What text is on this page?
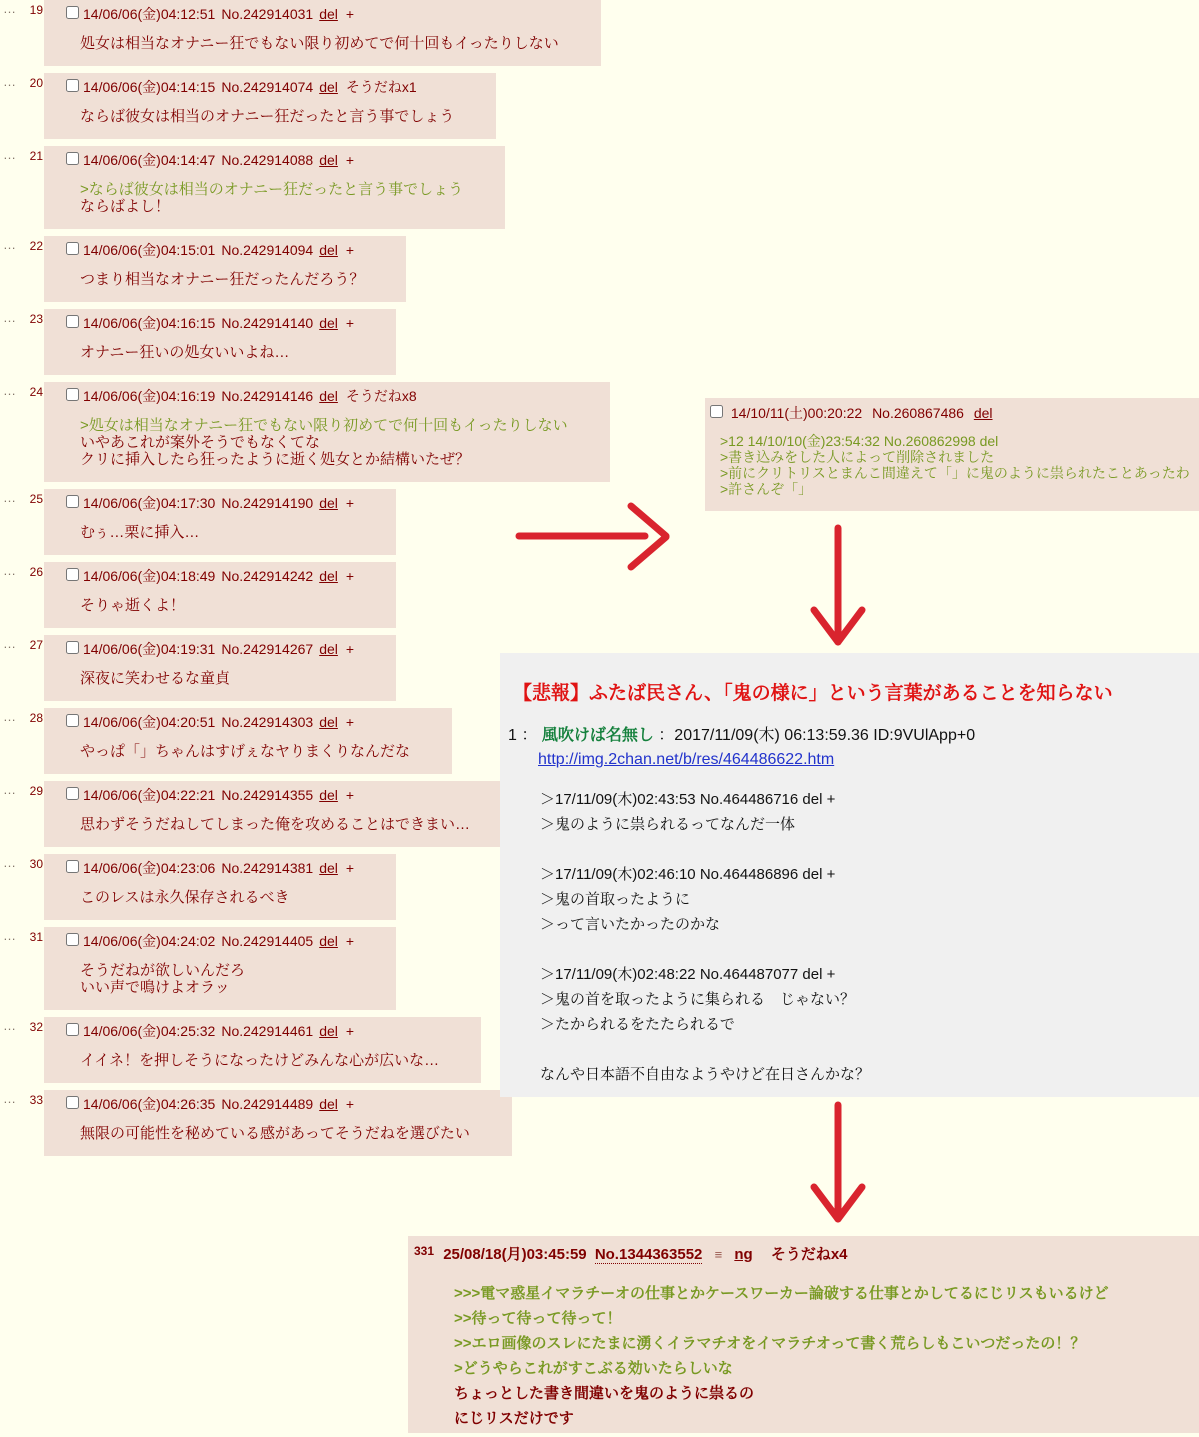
…	19	14/06/06(金)04:12:51 No.242914031 del +
処女は相当なオナニー狂でもない限り初めてで何十回もイったりしない
…	20	14/06/06(金)04:14:15 No.242914074 del そうだねx1
ならば彼女は相当のオナニー狂だったと言う事でしょう
…	21	14/06/06(金)04:14:47 No.242914088 del +
>ならば彼女は相当のオナニー狂だったと言う事でしょう
ならばよし！
…	22	14/06/06(金)04:15:01 No.242914094 del +
つまり相当なオナニー狂だったんだろう？
…	23	14/06/06(金)04:16:15 No.242914140 del +
オナニー狂いの処女いいよね…
…	24	14/06/06(金)04:16:19 No.242914146 del そうだねx8
>処女は相当なオナニー狂でもない限り初めてで何十回もイったりしない
いやあこれが案外そうでもなくてな
クリに挿入したら狂ったように逝く処女とか結構いたぜ？
…	25	14/06/06(金)04:17:30 No.242914190 del +
むぅ…栗に挿入…
…	26	14/06/06(金)04:18:49 No.242914242 del +
そりゃ逝くよ！
…	27	14/06/06(金)04:19:31 No.242914267 del +
深夜に笑わせるな童貞
…	28	14/06/06(金)04:20:51 No.242914303 del +
やっぱ「」ちゃんはすげぇなヤりまくりなんだな
…	29	14/06/06(金)04:22:21 No.242914355 del +
思わずそうだねしてしまった俺を攻めることはできまい…
…	30	14/06/06(金)04:23:06 No.242914381 del +
このレスは永久保存されるべき
…	31	14/06/06(金)04:24:02 No.242914405 del +
そうだねが欲しいんだろ
いい声で鳴けよオラッ
…	32	14/06/06(金)04:25:32 No.242914461 del +
イイネ！を押しそうになったけどみんな心が広いな…
…	33	14/06/06(金)04:26:35 No.242914489 del +
無限の可能性を秘めている感があってそうだねを選びたい
14/10/11(土)00:20:22 No.260867486 del
>12 14/10/10(金)23:54:32 No.260862998 del
>書き込みをした人によって削除されました
>前にクリトリスとまんこ間違えて「」に鬼のように祟られたことあったわ
>許さんぞ「」
【悲報】ふたば民さん、「鬼の様に」という言葉があることを知らない
1 ： 風吹けば名無し ：2017/11/09(木) 06:13:59.36 ID:9VUlApp+0
http://img.2chan.net/b/res/464486622.htm

＞17/11/09(木)02:43:53 No.464486716 del +
＞鬼のように祟られるってなんだ一体

＞17/11/09(木)02:46:10 No.464486896 del +
＞鬼の首取ったように
＞って言いたかったのかな

＞17/11/09(木)02:48:22 No.464487077 del +
＞鬼の首を取ったように集られる　じゃない？
＞たかられるをたたられるで

なんや日本語不自由なようやけど在日さんかな？

$^{331}$ 25/08/18(月)03:45:59 No.1344363552 ≡ ng そうだねx4
>>>電マ惑星イマラチーオの仕事とかケースワーカー論破する仕事とかしてるにじリスもいるけど
>>待って待って待って！
>>エロ画像のスレにたまに湧くイラマチオをイマラチオって書く荒らしもこいつだったの！？
>どうやらこれがすこぶる効いたらしいな
ちょっとした書き間違いを鬼のように祟るの
にじリスだけです
